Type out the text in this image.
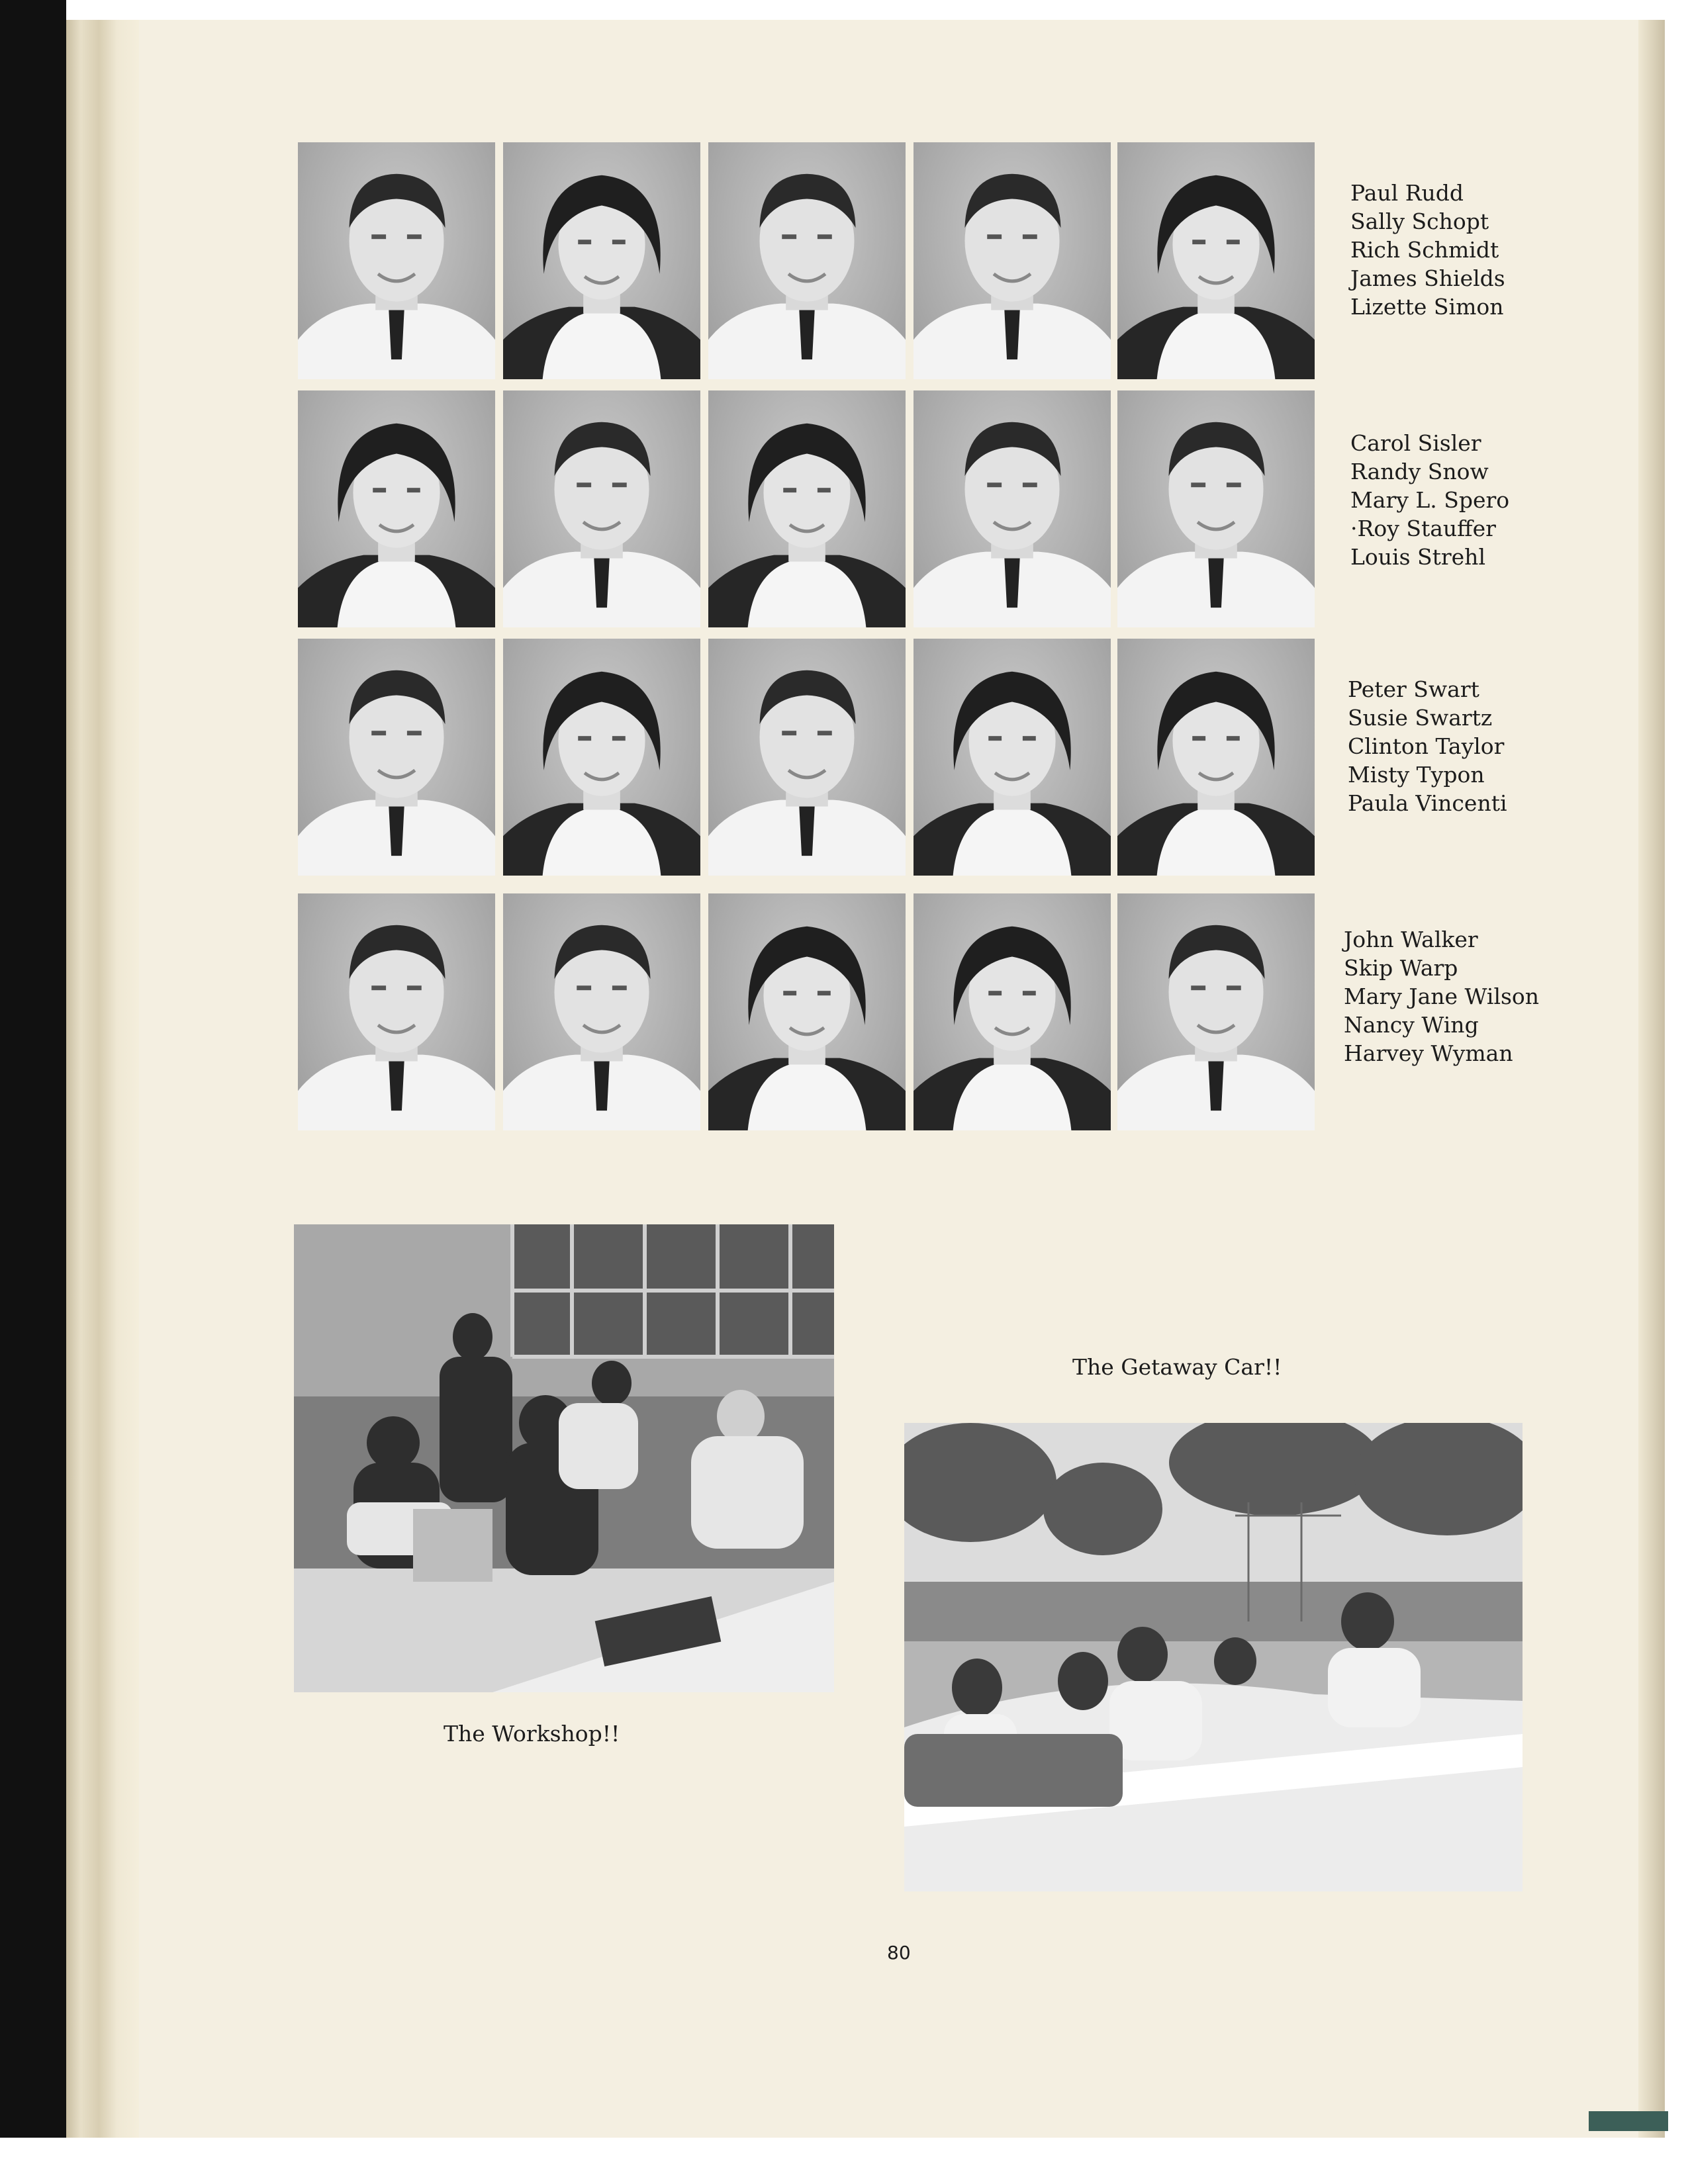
Paul Rudd
Sally Schopt
Rich Schmidt
James Shields
Lizette Simon
Carol Sisler
Randy Snow
Mary L. Spero
·Roy Stauffer
Louis Strehl
Peter Swart
Susie Swartz
Clinton Taylor
Misty Typon
Paula Vincenti
John Walker
Skip Warp
Mary Jane Wilson
Nancy Wing
Harvey Wyman
The Workshop!!
The Getaway Car!!
80
